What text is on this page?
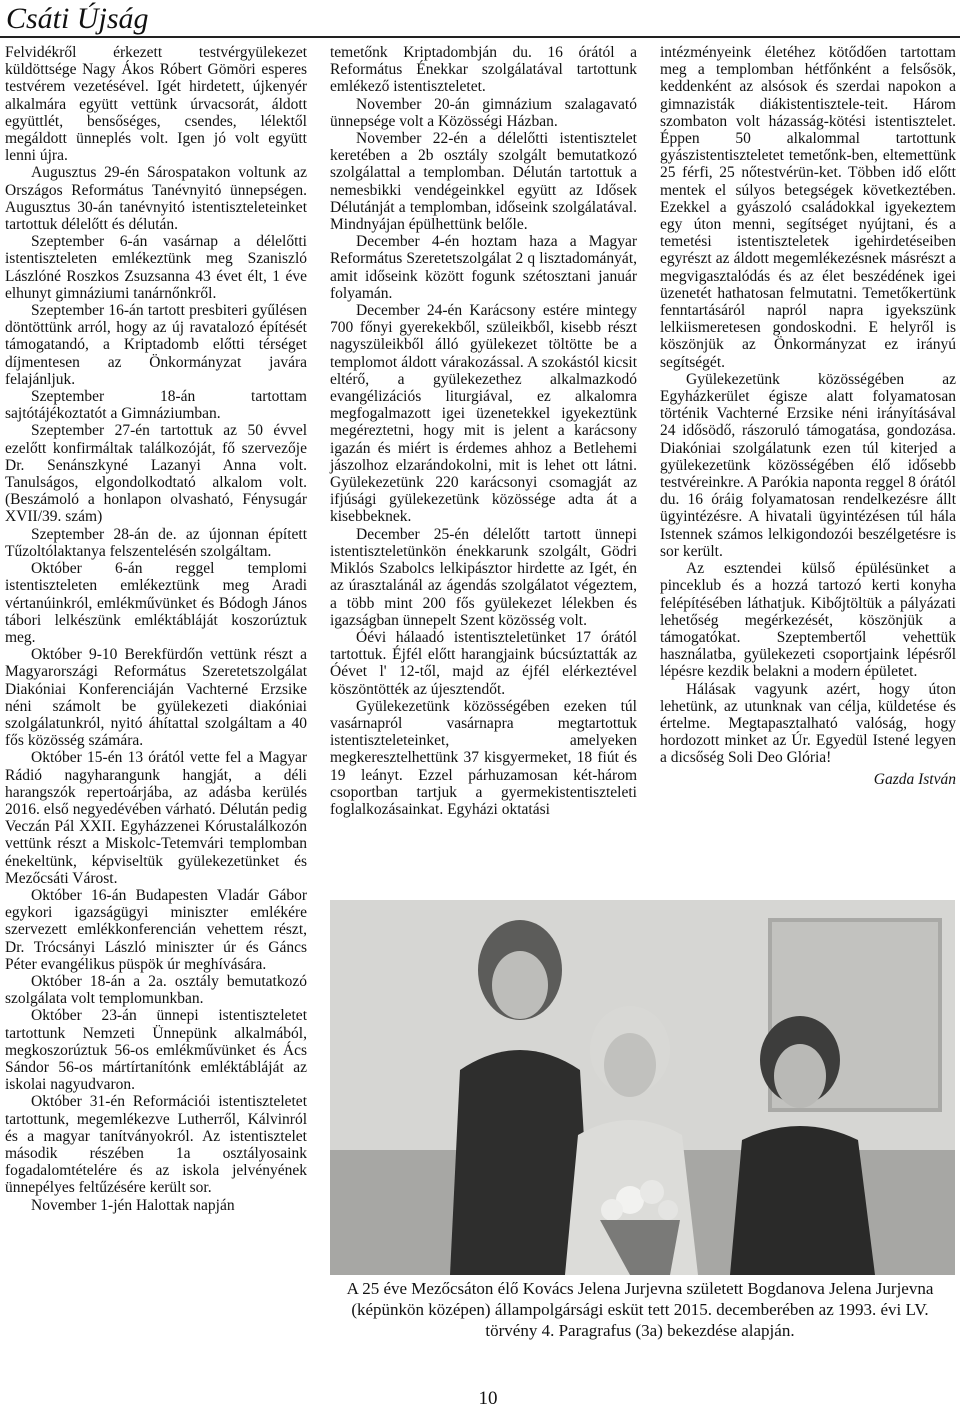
Csáti Újság

Felvidékről érkezett testvérgyülekezet küldöttsége Nagy Ákos Róbert Gömöri esperes testvérem vezetésével. Igét hirdetett, újkenyér alkalmára együtt vettünk úrvacsorát, áldott együttlét, bensőséges, csendes, lélektől megáldott ünneplés volt. Igen jó volt együtt lenni újra.

Augusztus 29-én Sárospatakon voltunk az Országos Református Tanévnyitó ünnepségen. Augusztus 30-án tanévnyitó istentiszteleteinket tartottuk délelőtt és délután.

Szeptember 6-án vasárnap a délelőtti istentiszteleten emlékeztünk meg Szaniszló Lászlóné Roszkos Zsuzsanna 43 évet élt, 1 éve elhunyt gimnáziumi tanárnőnkről.

Szeptember 16-án tartott presbiteri gyűlésen döntöttünk arról, hogy az új ravatalozó építését támogatandó, a Kriptadomb előtti térséget díjmentesen az Önkormányzat javára felajánljuk.

Szeptember 18-án tartottam sajtótájékoztatót a Gimnáziumban.

Szeptember 27-én tartottuk az 50 évvel ezelőtt konfirmáltak találkozóját, fő szervezője Dr. Senánszkyné Lazanyi Anna volt. Tanulságos, elgondolkodtató alkalom volt. (Beszámoló a honlapon olvasható, Fénysugár XVII/39. szám)

Szeptember 28-án de. az újonnan épített Tűzoltólaktanya felszentelésén szolgáltam.

Október 6-án reggel templomi istentiszteleten emlékeztünk meg Aradi vértanúinkról, emlékművünket és Bódogh János tábori lelkészünk emléktábláját koszorúztuk meg.

Október 9-10 Berekfürdőn vettünk részt a Magyarországi Református Szeretetszolgálat Diakóniai Konferenciáján Vachterné Erzsike néni számolt be gyülekezeti diakóniai szolgálatunkról, nyitó áhítattal szolgáltam a 40 fős közösség számára.

Október 15-én 13 órától vette fel a Magyar Rádió nagyharangunk hangját, a déli harangszók repertoárjába, az adásba kerülés 2016. első negyedévében várható. Délután pedig Veczán Pál XXII. Egyházzenei Kórustalálkozón vettünk részt a Miskolc-Tetemvári templomban énekeltünk, képviseltük gyülekezetünket és Mezőcsáti Várost.

Október 16-án Budapesten Vladár Gábor egykori igazságügyi miniszter emlékére szervezett emlékkonferencián vehettem részt, Dr. Trócsányi László miniszter úr és Gáncs Péter evangélikus püspök úr meghívására.

Október 18-án a 2a. osztály bemutatkozó szolgálata volt templomunkban.

Október 23-án ünnepi istentiszteletet tartottunk Nemzeti Ünnepünk alkalmából, megkoszorúztuk 56-os emlékművünket és Ács Sándor 56-os mártírtanítónk emléktábláját az iskolai nagyudvaron.

Október 31-én Reformációi istentiszteletet tartottunk, megemlékezve Lutherről, Kálvinról és a magyar tanítványokról. Az istentisztelet második részében 1a osztályosaink fogadalomtételére és az iskola jelvényének ünnepélyes feltűzésére került sor.

November 1-jén Halottak napján

temetőnk Kriptadombján du. 16 órától a Református Énekkar szolgálatával tartottunk emlékező istentiszteletet.

November 20-án gimnázium szalagavató ünnepsége volt a Közösségi Házban.

November 22-én a délelőtti istentisztelet keretében a 2b osztály szolgált bemutatkozó szolgálattal a templomban. Délután tartottuk a nemesbikki vendégeinkkel együtt az Idősek Délutánját a templomban, időseink szolgálatával. Mindnyájan épülhettünk belőle.

December 4-én hoztam haza a Magyar Református Szeretetszolgálat 2 q lisztadományát, amit időseink között fogunk szétosztani január folyamán.

December 24-én Karácsony estére mintegy 700 főnyi gyerekekből, szüleikből, kisebb részt nagyszüleikből álló gyülekezet töltötte be a templomot áldott várakozással. A szokástól kicsit eltérő, a gyülekezethez alkalmazkodó evangélizációs liturgiával, ez alkalomra megfogalmazott igei üzenetekkel igyekeztünk megéreztetni, hogy mit is jelent a karácsony igazán és miért is érdemes ahhoz a Betlehemi jászolhoz elzarándokolni, mit is lehet ott látni. Gyülekezetünk 220 karácsonyi csomagját az ifjúsági gyülekezetünk közössége adta át a kisebbeknek.

December 25-én délelőtt tartott ünnepi istentiszteletünkön énekkarunk szolgált, Gödri Miklós Szabolcs lelkipásztor hirdette az Igét, én az úrasztalánál az ágendás szolgálatot végeztem, a több mint 200 fős gyülekezet lélekben és igazságban ünnepelt Szent közösség volt.

Óévi hálaadó istentiszteletünket 17 órától tartottuk. Éjfél előtt harangjaink búcsúztatták az Óévet l' 12-től, majd az éjfél elérkeztével köszöntötték az újesztendőt.

Gyülekezetünk közösségében ezeken túl vasárnapról vasárnapra megtartottuk istentiszteleteinket, amelyeken megkeresztelhettünk 37 kisgyermeket, 18 fiút és 19 leányt. Ezzel párhuzamosan két-három csoportban tartjuk a gyermekistentiszteleti foglalkozásainkat. Egyházi oktatási

intézményeink életéhez kötődően tartottam meg a templomban hétfőnként a felsősök, keddenként az alsósok és szerdai napokon a gimnazisták diákistentisztele-teit. Három szombaton volt házasság-kötési istentisztelet. Éppen 50 alkalommal tartottunk gyászistentiszteletet temetőnk-ben, eltemettünk 25 férfi, 25 nőtestvérün-ket. Többen idő előtt mentek el súlyos betegségek következtében. Ezekkel a gyászoló családokkal igyekeztem egy úton menni, segítséget nyújtani, és a temetési istentiszteletek igehirdetéseiben egyrészt az áldott megemlékezésnek másrészt a megvigasztalódás és az élet beszédének igei üzenetét hathatosan felmutatni. Temetőkertünk fenntartásáról napról napra igyekszünk lelkiismeretesen gondoskodni. E helyről is köszönjük az Önkormányzat ez irányú segítségét.

Gyülekezetünk közösségében az Egyházkerület égisze alatt folyamatosan történik Vachterné Erzsike néni irányításával 24 idősödő, rászoruló támogatása, gondozása. Diakóniai szolgálatunk ezen túl kiterjed a gyülekezetünk közösségében élő idősebb testvéreinkre. A Parókia naponta reggel 8 órától du. 16 óráig folyamatosan rendelkezésre állt ügyintézésre. A hivatali ügyintézésen túl hála Istennek számos lelkigondozói beszélgetésre is sor került.

Az esztendei külső épülésünket a pinceklub és a hozzá tartozó kerti konyha felépítésében láthatjuk. Kibőjtöltük a pályázati lehetőség megérkezését, köszönjük a támogatókat. Szeptembertől vehettük használatba, gyülekezeti csoportjaink lépésről lépésre kezdik belakni a modern épületet.

Hálásak vagyunk azért, hogy úton lehetünk, az utunknak van célja, küldetése és értelme. Megtapasztalható valóság, hogy hordozott minket az Úr. Egyedül Istené legyen a dicsőség Soli Deo Glória!

Gazda István

A 25 éve Mezőcsáton élő Kovács Jelena Jurjevna született Bogdanova Jelena Jurjevna (képünkön középen) állampolgársági esküt tett 2015. decemberében az 1993. évi LV. törvény 4. Paragrafus (3a) bekezdése alapján.
10
